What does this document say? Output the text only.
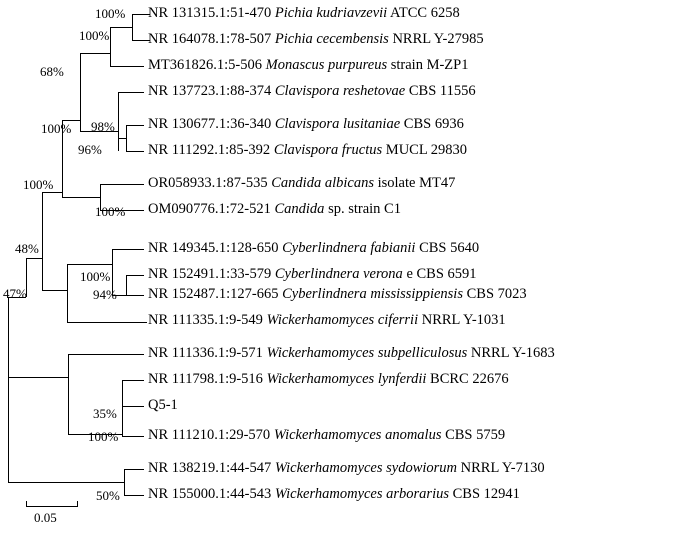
100%
100%
68%
98%
96%
100%
100%
100%
100%
94%
48%
47%
35%
100%
50%
NR 131315.1:51-470 Pichia kudriavzevii ATCC 6258
NR 164078.1:78-507 Pichia cecembensis NRRL Y-27985
MT361826.1:5-506 Monascus purpureus strain M-ZP1
NR 137723.1:88-374 Clavispora reshetovae CBS 11556
NR 130677.1:36-340 Clavispora lusitaniae CBS 6936
NR 111292.1:85-392 Clavispora fructus MUCL 29830
OR058933.1:87-535 Candida albicans isolate MT47
OM090776.1:72-521 Candida sp. strain C1
NR 149345.1:128-650 Cyberlindnera fabianii CBS 5640
NR 152491.1:33-579 Cyberlindnera verona e CBS 6591
NR 152487.1:127-665 Cyberlindnera mississippiensis CBS 7023
NR 111335.1:9-549 Wickerhamomyces ciferrii NRRL Y-1031
NR 111336.1:9-571 Wickerhamomyces subpelliculosus NRRL Y-1683
NR 111798.1:9-516 Wickerhamomyces lynferdii BCRC 22676
Q5-1
NR 111210.1:29-570 Wickerhamomyces anomalus CBS 5759
NR 138219.1:44-547 Wickerhamomyces sydowiorum NRRL Y-7130
NR 155000.1:44-543 Wickerhamomyces arborarius CBS 12941
0.05
